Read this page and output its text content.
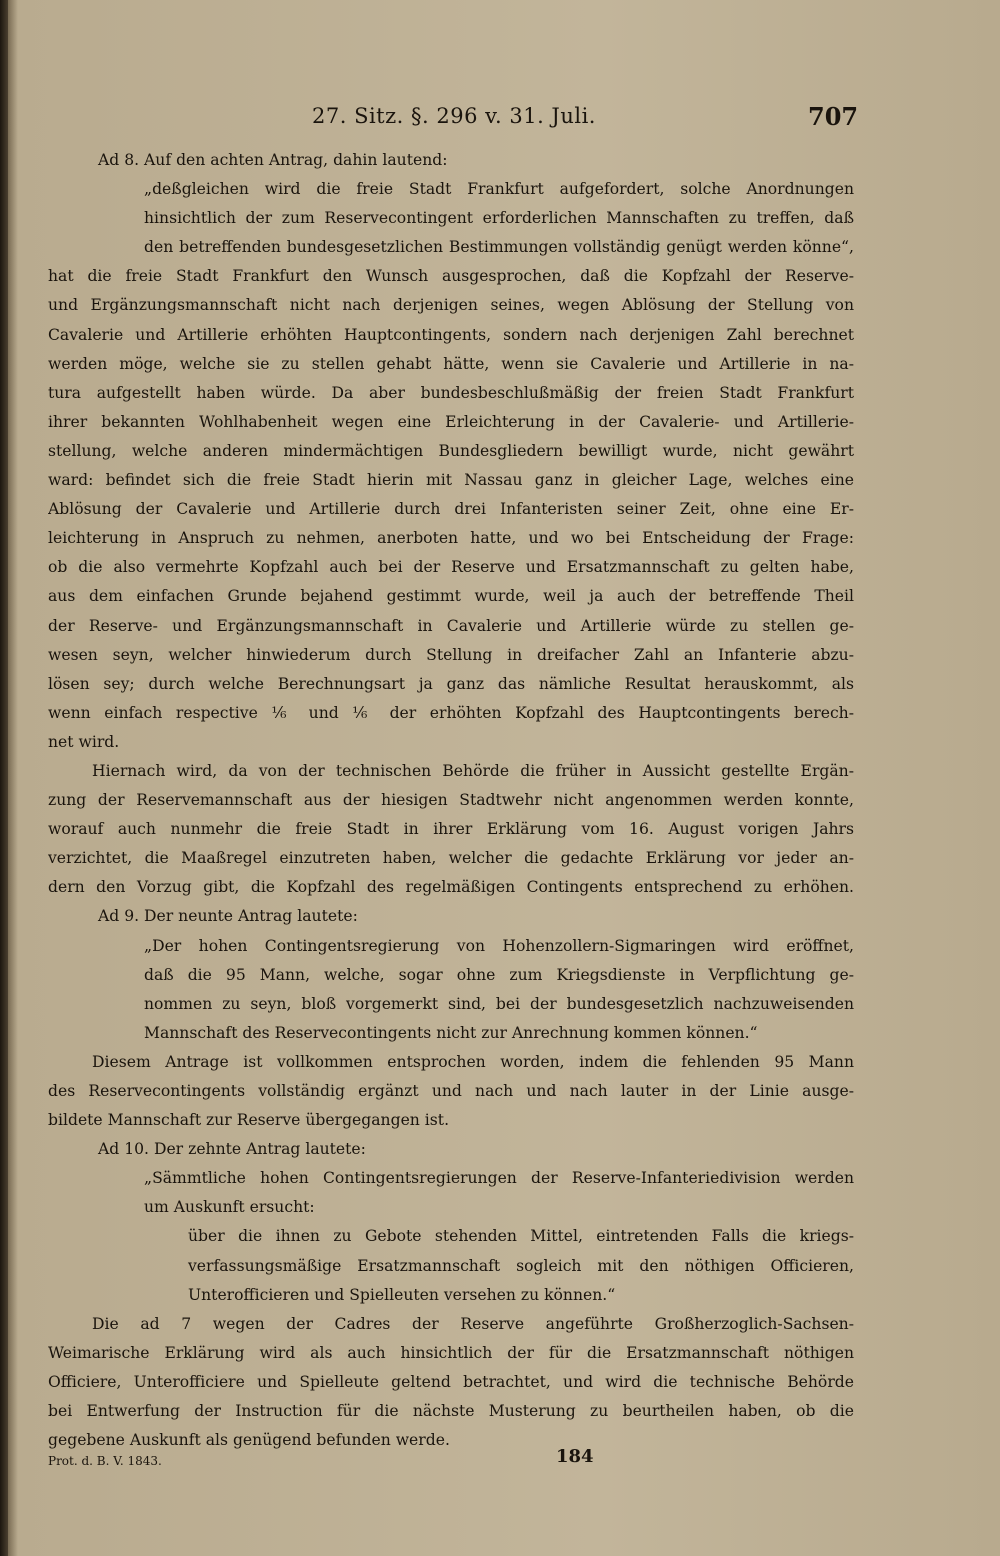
27. Sitz. §. 296 v. 31. Juli.	707
Ad 8. Auf den achten Antrag, dahin lautend:
„deßgleichen wird die freie Stadt Frankfurt aufgefordert, solche Anordnungen
hinsichtlich der zum Reservecontingent erforderlichen Mannschaften zu treffen, daß
den betreffenden bundesgesetzlichen Bestimmungen vollständig genügt werden könne“,
hat die freie Stadt Frankfurt den Wunsch ausgesprochen, daß die Kopfzahl der Reserve-
und Ergänzungsmannschaft nicht nach derjenigen seines, wegen Ablösung der Stellung von
Cavalerie und Artillerie erhöhten Hauptcontingents, sondern nach derjenigen Zahl berechnet
werden möge, welche sie zu stellen gehabt hätte, wenn sie Cavalerie und Artillerie in na-
tura aufgestellt haben würde. Da aber bundesbeschlußmäßig der freien Stadt Frankfurt
ihrer bekannten Wohlhabenheit wegen eine Erleichterung in der Cavalerie- und Artillerie-
stellung, welche anderen mindermächtigen Bundesgliedern bewilligt wurde, nicht gewährt
ward: befindet sich die freie Stadt hierin mit Nassau ganz in gleicher Lage, welches eine
Ablösung der Cavalerie und Artillerie durch drei Infanteristen seiner Zeit, ohne eine Er-
leichterung in Anspruch zu nehmen, anerboten hatte, und wo bei Entscheidung der Frage:
ob die also vermehrte Kopfzahl auch bei der Reserve und Ersatzmannschaft zu gelten habe,
aus dem einfachen Grunde bejahend gestimmt wurde, weil ja auch der betreffende Theil
der Reserve- und Ergänzungsmannschaft in Cavalerie und Artillerie würde zu stellen ge-
wesen seyn, welcher hinwiederum durch Stellung in dreifacher Zahl an Infanterie abzu-
lösen sey; durch welche Berechnungsart ja ganz das nämliche Resultat herauskommt, als
wenn einfach respective ⅙ und ⅙ der erhöhten Kopfzahl des Hauptcontingents berech-
net wird.
Hiernach wird, da von der technischen Behörde die früher in Aussicht gestellte Ergän-
zung der Reservemannschaft aus der hiesigen Stadtwehr nicht angenommen werden konnte,
worauf auch nunmehr die freie Stadt in ihrer Erklärung vom 16. August vorigen Jahrs
verzichtet, die Maaßregel einzutreten haben, welcher die gedachte Erklärung vor jeder an-
dern den Vorzug gibt, die Kopfzahl des regelmäßigen Contingents entsprechend zu erhöhen.
Ad 9. Der neunte Antrag lautete:
„Der hohen Contingentsregierung von Hohenzollern-Sigmaringen wird eröffnet,
daß die 95 Mann, welche, sogar ohne zum Kriegsdienste in Verpflichtung ge-
nommen zu seyn, bloß vorgemerkt sind, bei der bundesgesetzlich nachzuweisenden
Mannschaft des Reservecontingents nicht zur Anrechnung kommen können.“
Diesem Antrage ist vollkommen entsprochen worden, indem die fehlenden 95 Mann
des Reservecontingents vollständig ergänzt und nach und nach lauter in der Linie ausge-
bildete Mannschaft zur Reserve übergegangen ist.
Ad 10. Der zehnte Antrag lautete:
„Sämmtliche hohen Contingentsregierungen der Reserve-Infanteriedivision werden
um Auskunft ersucht:
über die ihnen zu Gebote stehenden Mittel, eintretenden Falls die kriegs-
verfassungsmäßige Ersatzmannschaft sogleich mit den nöthigen Officieren,
Unterofficieren und Spielleuten versehen zu können.“
Die ad 7 wegen der Cadres der Reserve angeführte Großherzoglich-Sachsen-
Weimarische Erklärung wird als auch hinsichtlich der für die Ersatzmannschaft nöthigen
Officiere, Unterofficiere und Spielleute geltend betrachtet, und wird die technische Behörde
bei Entwerfung der Instruction für die nächste Musterung zu beurtheilen haben, ob die
gegebene Auskunft als genügend befunden werde.
Prot. d. B. V. 1843.	184
